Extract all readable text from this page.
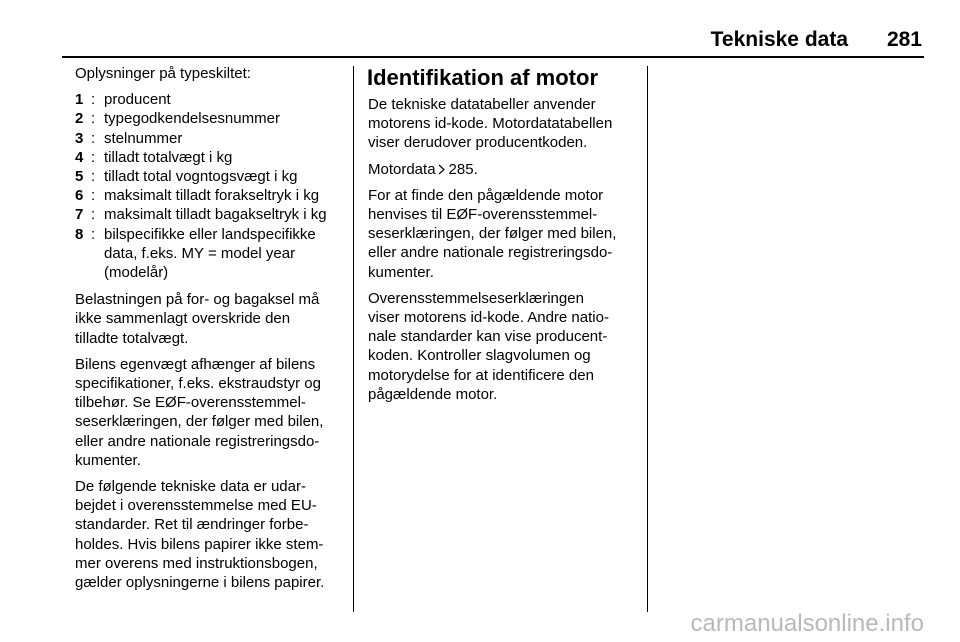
Tekniske data 281

Oplysninger på typeskiltet:

1 : producent
2 : typegodkendelsesnummer
3 : stelnummer
4 : tilladt totalvægt i kg
5 : tilladt total vogntogsvægt i kg
6 : maksimalt tilladt forakseltryk i kg
7 : maksimalt tilladt bagakseltryk i kg
8 : bilspecifikke eller landspecifikke
data, f.eks. MY = model year
(modelår)

Belastningen på for- og bagaksel må
ikke sammenlagt overskride den
tilladte totalvægt.

Bilens egenvægt afhænger af bilens
specifikationer, f.eks. ekstraudstyr og
tilbehør. Se EØF-overensstemmel-
seserklæringen, der følger med bilen,
eller andre nationale registreringsdo-
kumenter.

De følgende tekniske data er udar-
bejdet i overensstemmelse med EU-
standarder. Ret til ændringer forbe-
holdes. Hvis bilens papirer ikke stem-
mer overens med instruktionsbogen,
gælder oplysningerne i bilens papirer.

Identifikation af motor

De tekniske datatabeller anvender
motorens id-kode. Motordatatabellen
viser derudover producentkoden.

Motordata 285.

For at finde den pågældende motor
henvises til EØF-overensstemmel-
seserklæringen, der følger med bilen,
eller andre nationale registreringsdo-
kumenter.

Overensstemmelseserklæringen
viser motorens id-kode. Andre natio-
nale standarder kan vise producent-
koden. Kontroller slagvolumen og
motorydelse for at identificere den
pågældende motor.

carmanualsonline.info
